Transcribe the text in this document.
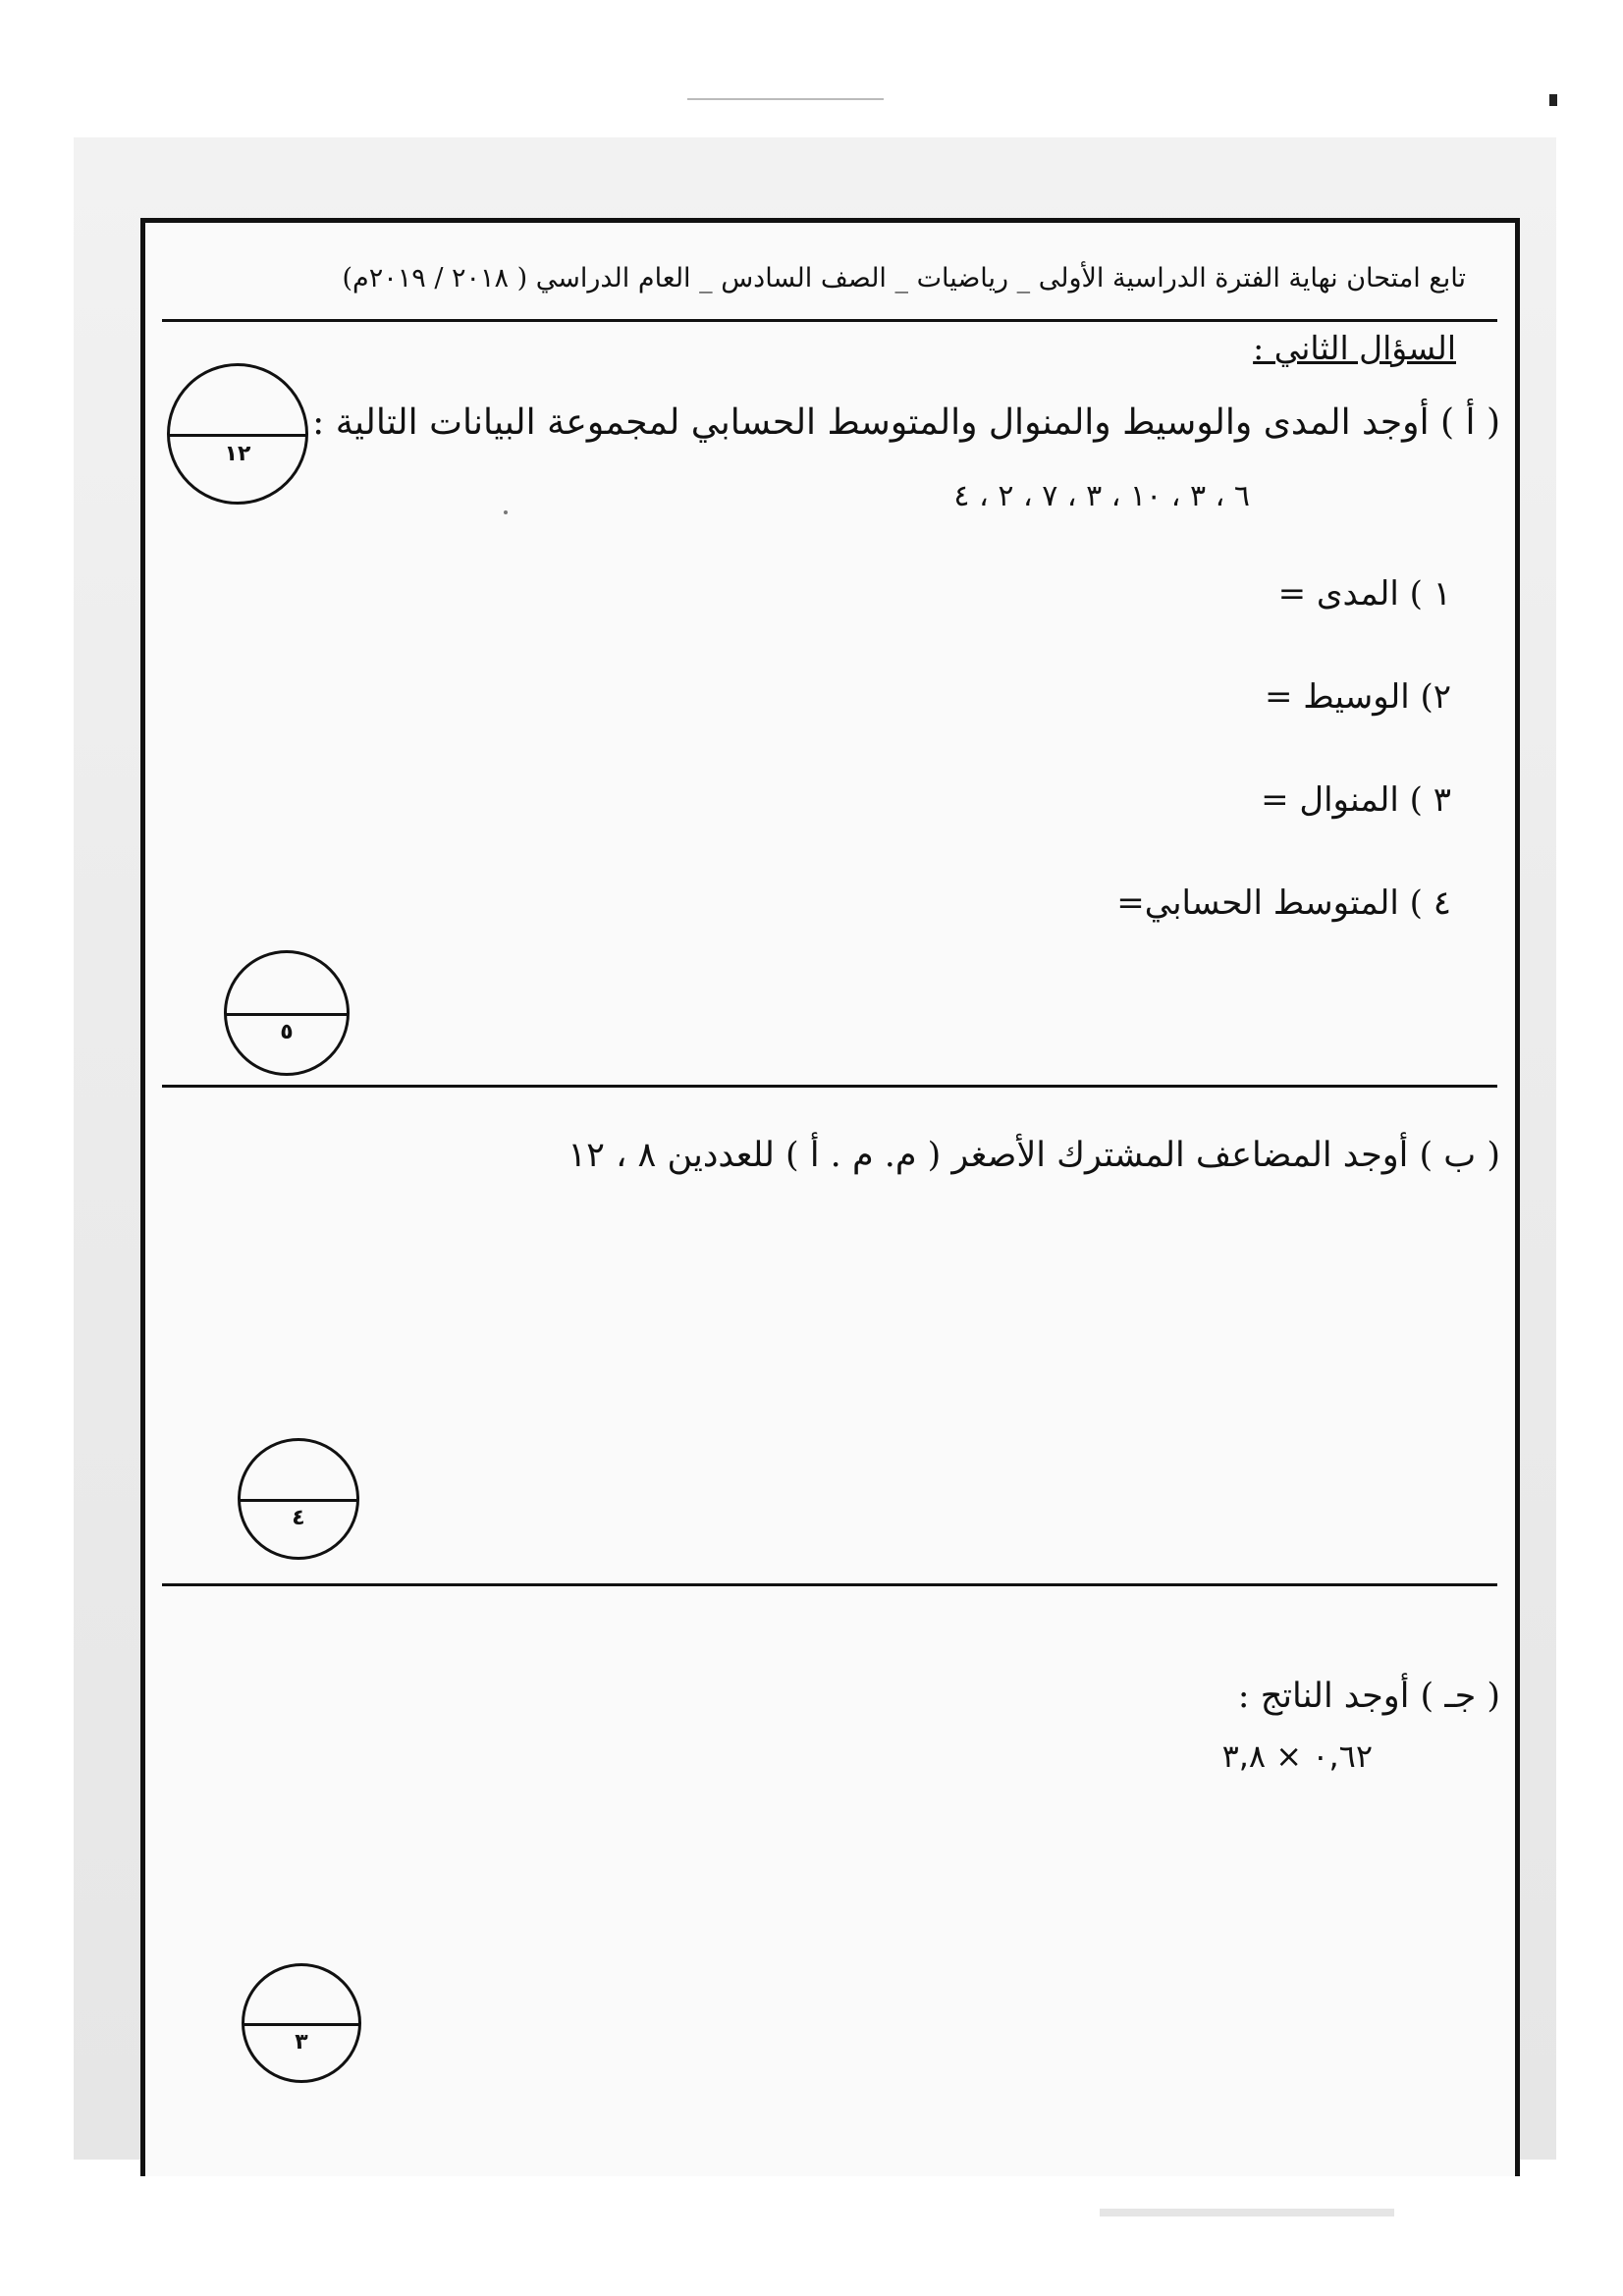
تابع امتحان نهاية الفترة الدراسية الأولى _ رياضيات _ الصف السادس _ العام الدراسي ( ٢٠١٨ / ٢٠١٩م)
السؤال الثاني :
١٢
( أ ) أوجد المدى والوسيط والمنوال والمتوسط الحسابي لمجموعة البيانات التالية :
٦ ، ٣ ، ١٠ ، ٣ ، ٧ ، ٢ ، ٤
١ ) المدى =
٢) الوسيط =
٣ ) المنوال =
٤ ) المتوسط الحسابي=
٥
( ب ) أوجد المضاعف المشترك الأصغر ( م. م . أ ) للعددين ٨ ، ١٢
٤
( جـ ) أوجد الناتج :
٠,٦٢ × ٣,٨
٣
